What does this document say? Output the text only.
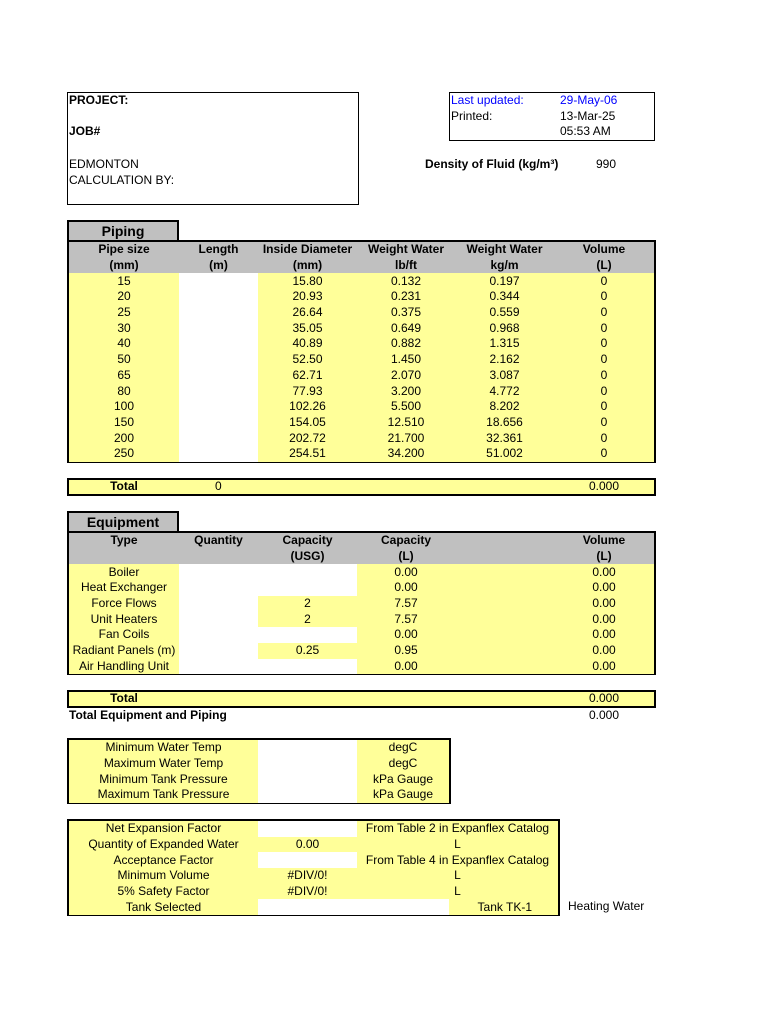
PROJECT:
JOB#
EDMONTON
CALCULATION BY:
Last updated:	29-May-06
Printed:	13-Mar-25
05:53 AM
Density of Fluid (kg/m³)	990
Piping
Pipe size	Length	Inside Diameter	Weight Water	Weight Water	Volume
(mm)	(m)	(mm)	lb/ft	kg/m	(L)
15		15.80	0.132	0.197	0
20		20.93	0.231	0.344	0
25		26.64	0.375	0.559	0
30		35.05	0.649	0.968	0
40		40.89	0.882	1.315	0
50		52.50	1.450	2.162	0
65		62.71	2.070	3.087	0
80		77.93	3.200	4.772	0
100		102.26	5.500	8.202	0
150		154.05	12.510	18.656	0
200		202.72	21.700	32.361	0
250		254.51	34.200	51.002	0
Total	0	0.000
Equipment
Type	Quantity	Capacity	Capacity		Volume
		(USG)	(L)		(L)
Boiler			0.00		0.00
Heat Exchanger			0.00		0.00
Force Flows		2	7.57		0.00
Unit Heaters		2	7.57		0.00
Fan Coils			0.00		0.00
Radiant Panels (m)		0.25	0.95		0.00
Air Handling Unit			0.00		0.00
Total	0.000
Total Equipment and Piping	0.000
Minimum Water Temp		degC
Maximum Water Temp		degC
Minimum Tank Pressure		kPa Gauge
Maximum Tank Pressure		kPa Gauge
Net Expansion Factor		From Table 2 in Expanflex Catalog	
Quantity of Expanded Water	0.00	L	
Acceptance Factor		From Table 4 in Expanflex Catalog	
Minimum Volume	#DIV/0!	L	
5% Safety Factor	#DIV/0!	L	
Tank Selected			Tank TK-1	Heating Water
